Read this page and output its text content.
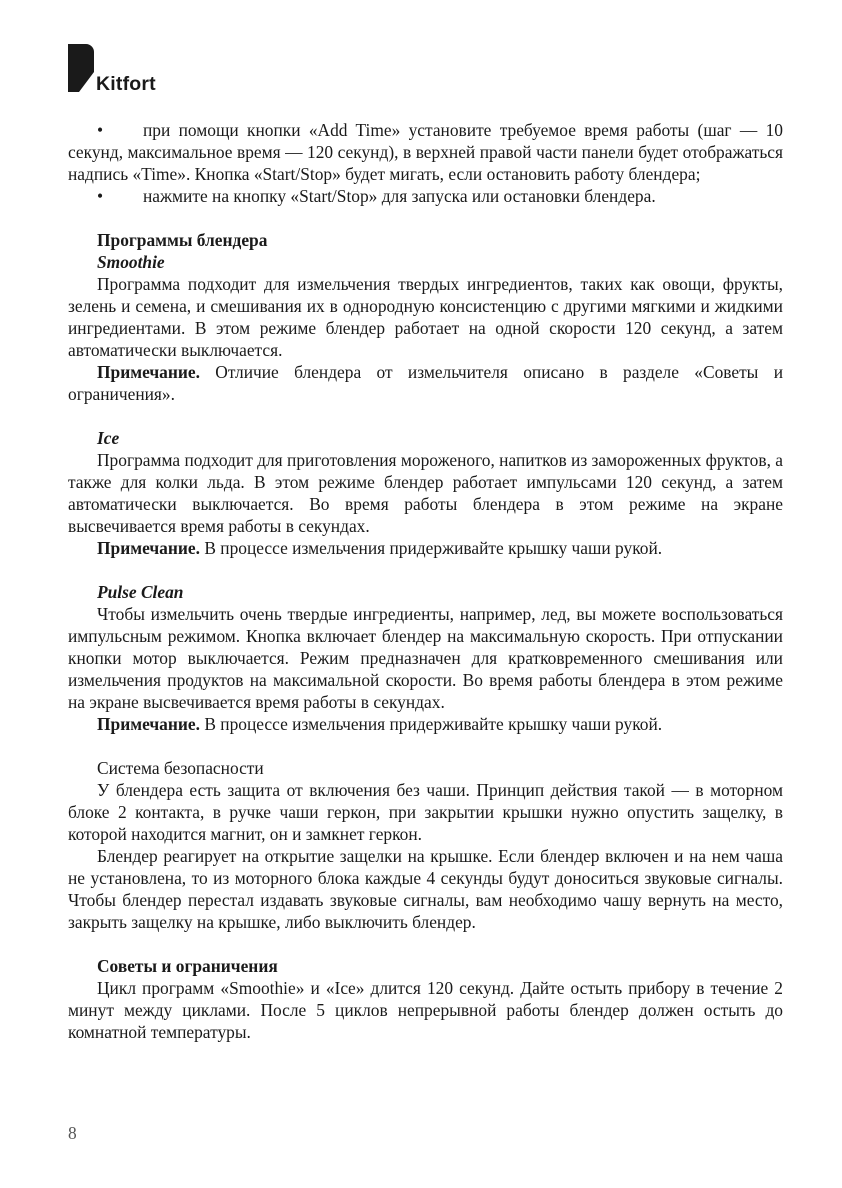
Kitfort

• при помощи кнопки «Add Time» установите требуемое время работы (шаг — 10 секунд, максимальное время — 120 секунд), в верхней правой части панели будет отображаться надпись «Time». Кнопка «Start/Stop» будет мигать, если остановить работу блендера;

• нажмите на кнопку «Start/Stop» для запуска или остановки блендера.

Программы блендера

Smoothie

Программа подходит для измельчения твердых ингредиентов, таких как овощи, фрукты, зелень и семена, и смешивания их в однородную консистенцию с другими мягкими и жидкими ингредиентами. В этом режиме блендер работает на одной скорости 120 секунд, а затем автоматически выключается.

Примечание. Отличие блендера от измельчителя описано в разделе «Советы и ограничения».

Ice

Программа подходит для приготовления мороженого, напитков из замороженных фруктов, а также для колки льда. В этом режиме блендер работает импульсами 120 секунд, а затем автоматически выключается. Во время работы блендера в этом режиме на экране высвечивается время работы в секундах.

Примечание. В процессе измельчения придерживайте крышку чаши рукой.

Pulse Clean

Чтобы измельчить очень твердые ингредиенты, например, лед, вы можете воспользоваться импульсным режимом. Кнопка включает блендер на максимальную скорость. При отпускании кнопки мотор выключается. Режим предназначен для кратковременного смешивания или измельчения продуктов на максимальной скорости. Во время работы блендера в этом режиме на экране высвечивается время работы в секундах.

Примечание. В процессе измельчения придерживайте крышку чаши рукой.

Система безопасности

У блендера есть защита от включения без чаши. Принцип действия такой — в моторном блоке 2 контакта, в ручке чаши геркон, при закрытии крышки нужно опустить защелку, в которой находится магнит, он и замкнет геркон.

Блендер реагирует на открытие защелки на крышке. Если блендер включен и на нем чаша не установлена, то из моторного блока каждые 4 секунды будут доноситься звуковые сигналы. Чтобы блендер перестал издавать звуковые сигналы, вам необходимо чашу вернуть на место, закрыть защелку на крышке, либо выключить блендер.

Советы и ограничения

Цикл программ «Smoothie» и «Ice» длится 120 секунд. Дайте остыть прибору в течение 2 минут между циклами. После 5 циклов непрерывной работы блендер должен остыть до комнатной температуры.

8
